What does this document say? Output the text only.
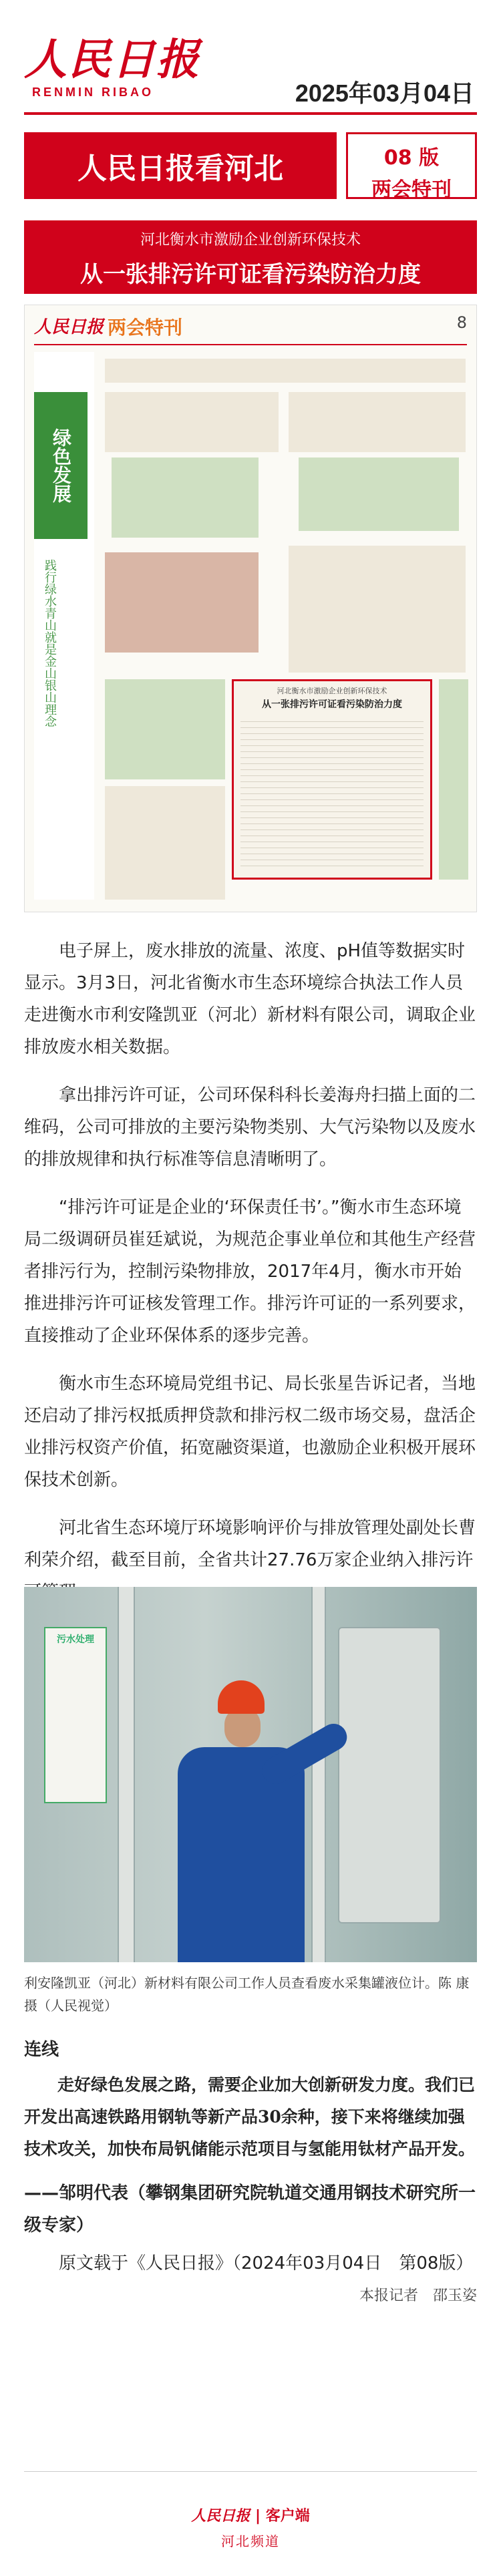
人民日报
RENMIN RIBAO	2025年03月04日
人民日报看河北	08 版
两会特刊
河北衡水市激励企业创新环保技术
从一张排污许可证看污染防治力度
人民日报 两会特刊	8
绿色发展
践行绿水青山就是金山银山理念	河北衡水市激励企业创新环保技术
从一张排污许可证看污染防治力度

电子屏上，废水排放的流量、浓度、pH值等数据实时显示。3月3日，河北省衡水市生态环境综合执法工作人员走进衡水市利安隆凯亚（河北）新材料有限公司，调取企业排放废水相关数据。

拿出排污许可证，公司环保科科长姜海舟扫描上面的二维码，公司可排放的主要污染物类别、大气污染物以及废水的排放规律和执行标准等信息清晰明了。

“排污许可证是企业的‘环保责任书’。”衡水市生态环境局二级调研员崔廷斌说，为规范企事业单位和其他生产经营者排污行为，控制污染物排放，2017年4月，衡水市开始推进排污许可证核发管理工作。排污许可证的一系列要求，直接推动了企业环保体系的逐步完善。

衡水市生态环境局党组书记、局长张星告诉记者，当地还启动了排污权抵质押贷款和排污权二级市场交易，盘活企业排污权资产价值，拓宽融资渠道，也激励企业积极开展环保技术创新。

河北省生态环境厅环境影响评价与排放管理处副处长曹利荣介绍，截至目前，全省共计27.76万家企业纳入排污许

污水处理
利安隆凯亚（河北）新材料有限公司工作人员查看废水采集罐液位计。陈 康摄（人民视觉）
连线

走好绿色发展之路，需要企业加大创新研发力度。我们已开发出高速铁路用钢轨等新产品30余种，接下来将继续加强技术攻关，加快布局钒储能示范项目与氢能用钛材产品开发。

——邹明代表（攀钢集团研究院轨道交通用钢技术研究所一级专家）
原文载于《人民日报》（2024年03月04日　第08版）
本报记者　邵玉姿
人民日报 | 客户端
河北频道
